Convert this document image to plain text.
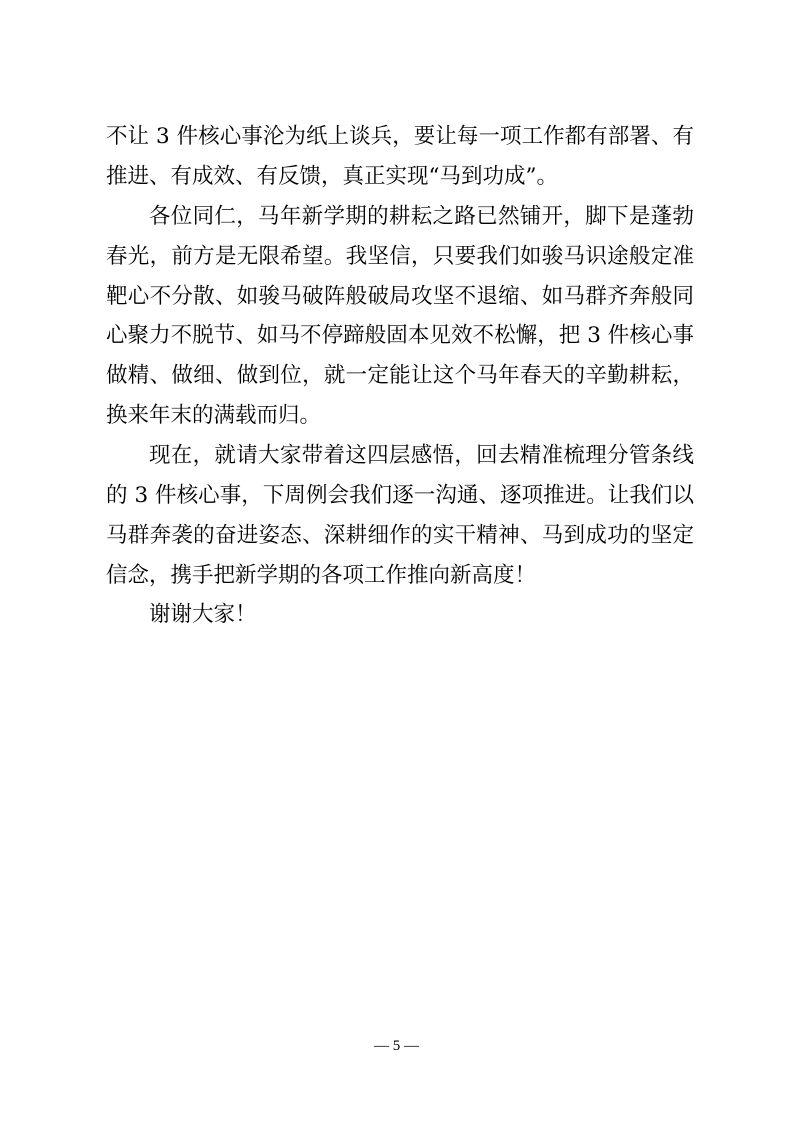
不让 3 件核心事沦为纸上谈兵，要让每一项工作都有部署、有
推进、有成效、有反馈，真正实现“马到功成”。
各位同仁，马年新学期的耕耘之路已然铺开，脚下是蓬勃
春光，前方是无限希望。我坚信，只要我们如骏马识途般定准
靶心不分散、如骏马破阵般破局攻坚不退缩、如马群齐奔般同
心聚力不脱节、如马不停蹄般固本见效不松懈，把 3 件核心事
做精、做细、做到位，就一定能让这个马年春天的辛勤耕耘，
换来年末的满载而归。
现在，就请大家带着这四层感悟，回去精准梳理分管条线
的 3 件核心事，下周例会我们逐一沟通、逐项推进。让我们以
马群奔袭的奋进姿态、深耕细作的实干精神、马到成功的坚定
信念，携手把新学期的各项工作推向新高度！
谢谢大家！
— 5 —
